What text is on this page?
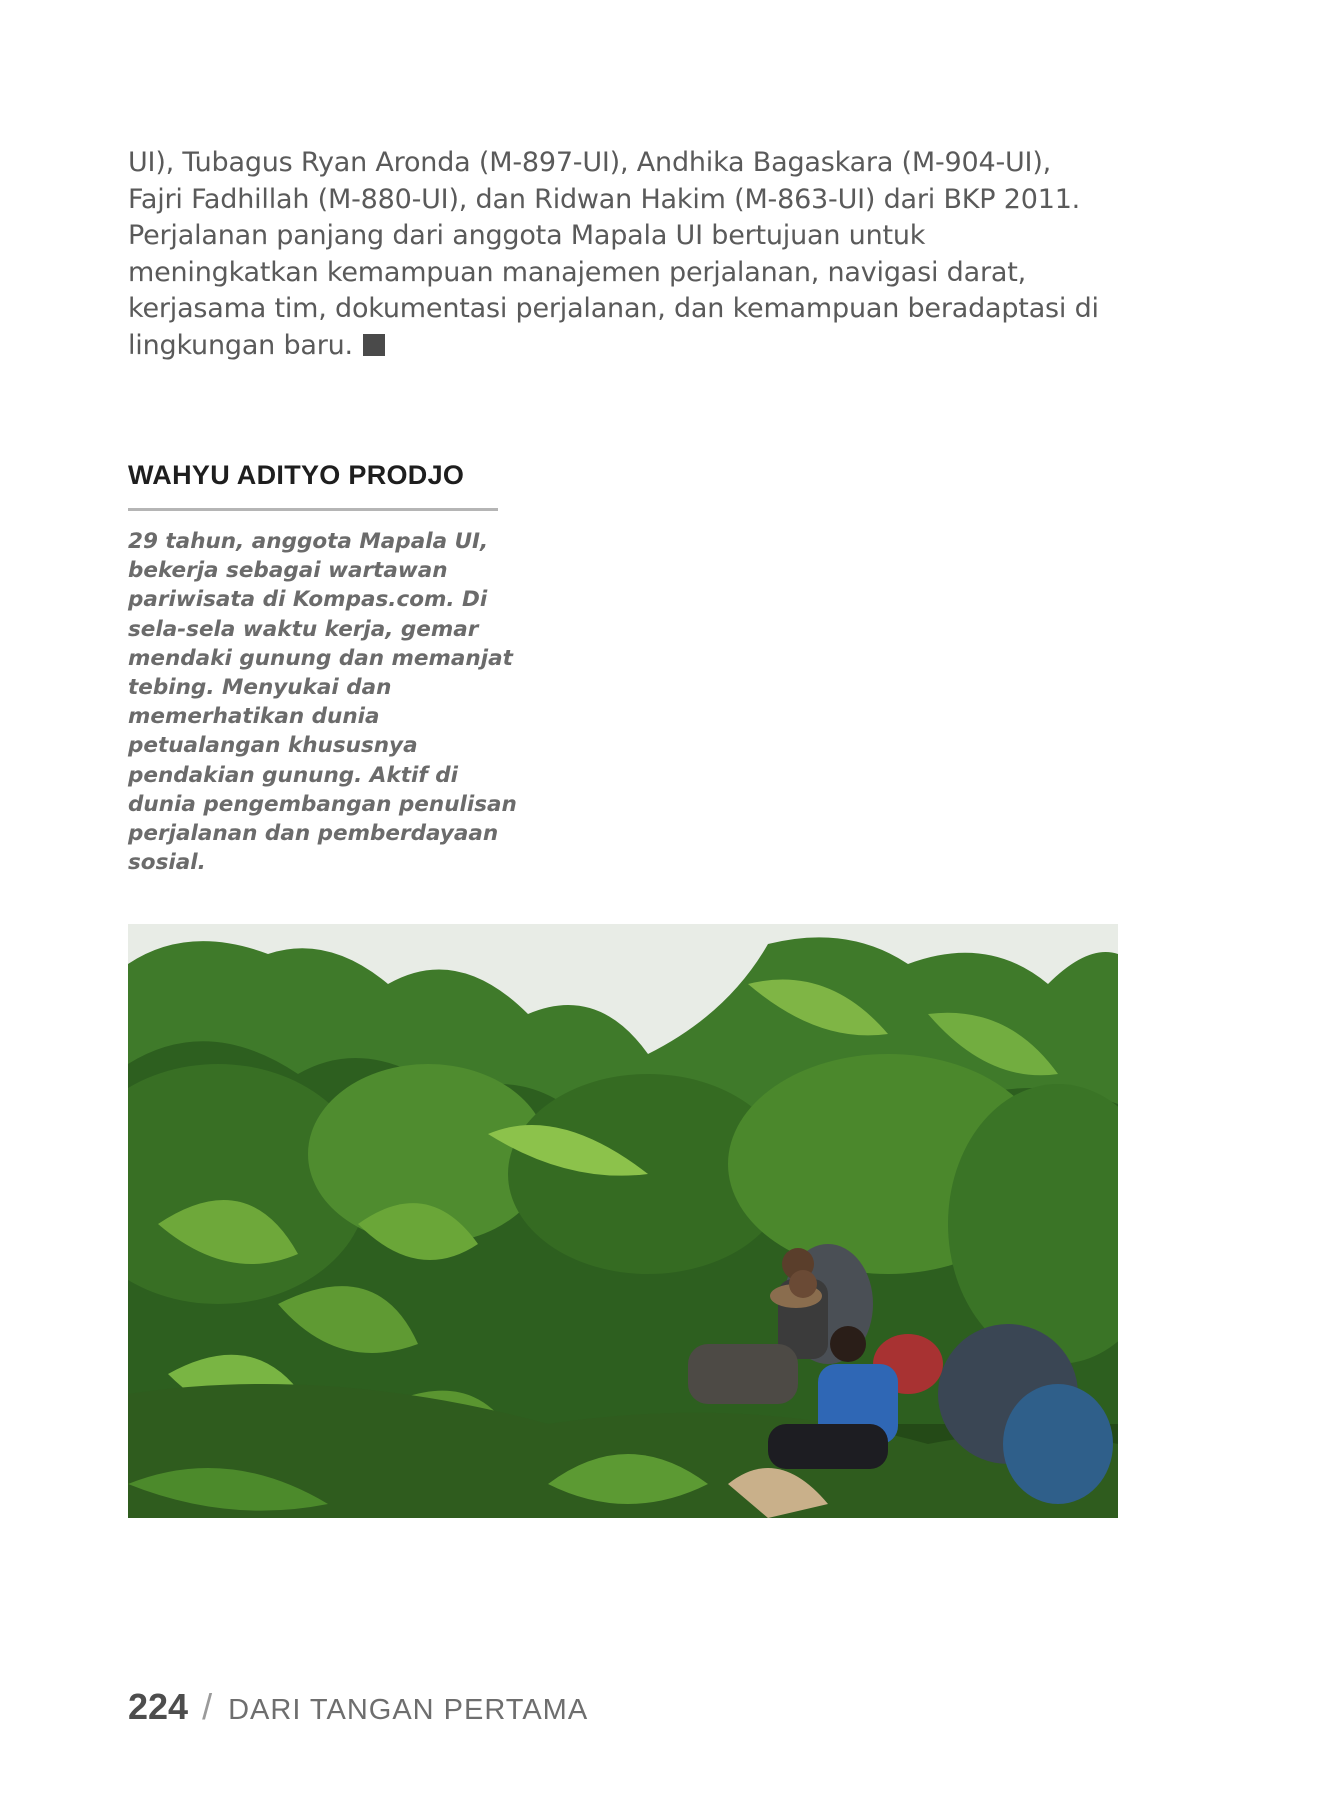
UI), Tubagus Ryan Aronda (M-897-UI), Andhika Bagaskara (M-904-UI), Fajri Fadhillah (M-880-UI), dan Ridwan Hakim (M-863-UI) dari BKP 2011. Perjalanan panjang dari anggota Mapala UI bertujuan untuk meningkatkan kemampuan manajemen perjalanan, navigasi darat, kerjasama tim, dokumentasi perjalanan, dan kemampuan beradaptasi di lingkungan baru.

WAHYU ADITYO PRODJO

29 tahun, anggota Mapala UI, bekerja sebagai wartawan pariwisata di Kompas.com. Di sela-sela waktu kerja, gemar mendaki gunung dan memanjat tebing. Menyukai dan memerhatikan dunia petualangan khususnya pendakian gunung. Aktif di dunia pengembangan penulisan perjalanan dan pemberdayaan sosial.

224 / DARI TANGAN PERTAMA
